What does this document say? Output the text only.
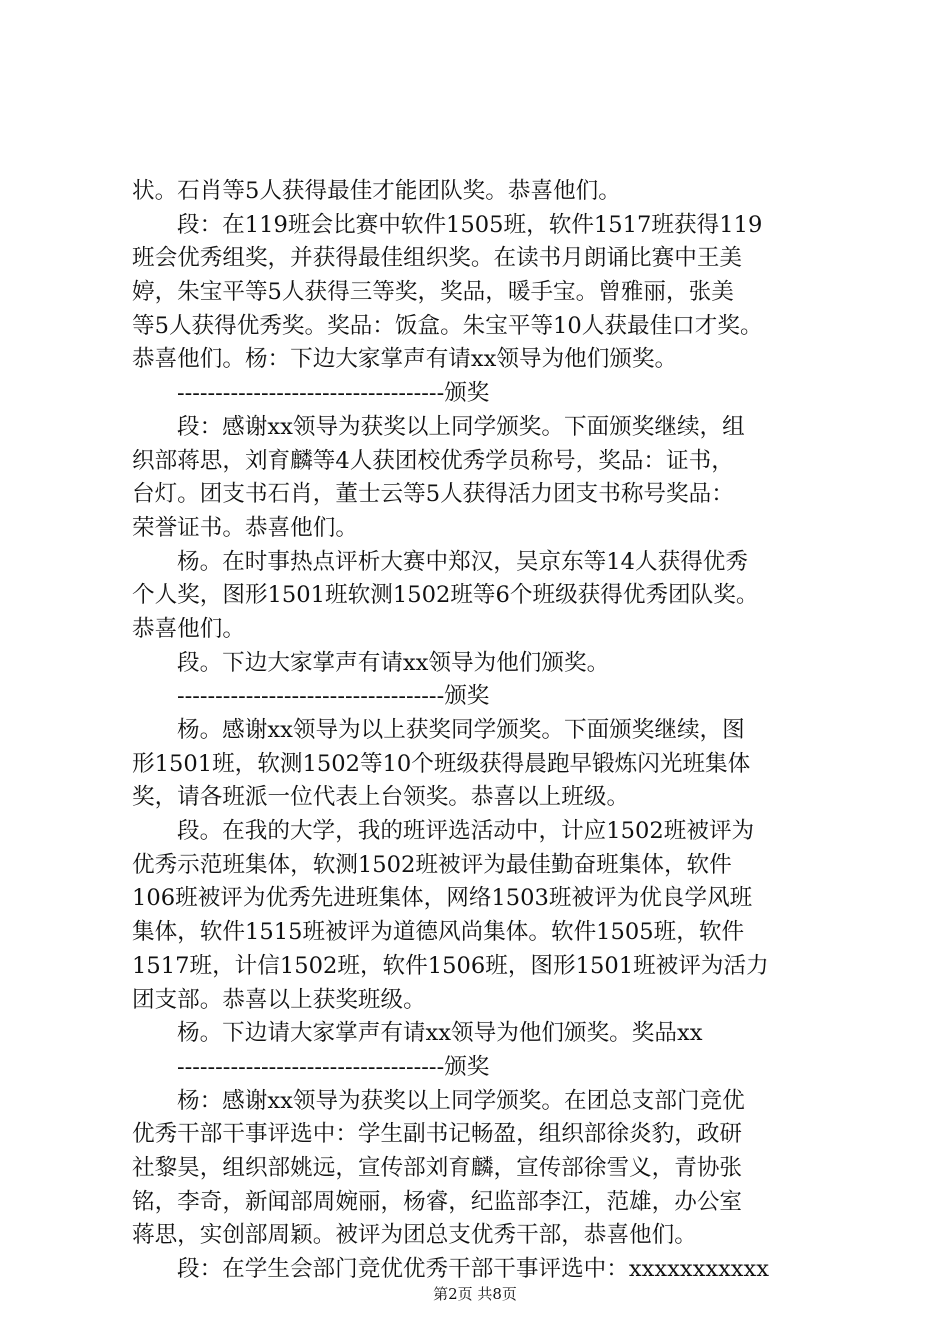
状。石肖等5人获得最佳才能团队奖。恭喜他们。
段：在119班会比赛中软件1505班，软件1517班获得119
班会优秀组奖，并获得最佳组织奖。在读书月朗诵比赛中王美
婷，朱宝平等5人获得三等奖，奖品，暖手宝。曾雅丽，张美
等5人获得优秀奖。奖品：饭盒。朱宝平等10人获最佳口才奖。
恭喜他们。杨：下边大家掌声有请xx领导为他们颁奖。
-----------------------------------颁奖
段：感谢xx领导为获奖以上同学颁奖。下面颁奖继续，组
织部蒋思，刘育麟等4人获团校优秀学员称号，奖品：证书，
台灯。团支书石肖，董士云等5人获得活力团支书称号奖品：
荣誉证书。恭喜他们。
杨。在时事热点评析大赛中郑汉，吴京东等14人获得优秀
个人奖，图形1501班软测1502班等6个班级获得优秀团队奖。
恭喜他们。
段。下边大家掌声有请xx领导为他们颁奖。
-----------------------------------颁奖
杨。感谢xx领导为以上获奖同学颁奖。下面颁奖继续，图
形1501班，软测1502等10个班级获得晨跑早锻炼闪光班集体
奖，请各班派一位代表上台领奖。恭喜以上班级。
段。在我的大学，我的班评选活动中，计应1502班被评为
优秀示范班集体，软测1502班被评为最佳勤奋班集体，软件
106班被评为优秀先进班集体，网络1503班被评为优良学风班
集体，软件1515班被评为道德风尚集体。软件1505班，软件
1517班，计信1502班，软件1506班，图形1501班被评为活力
团支部。恭喜以上获奖班级。
杨。下边请大家掌声有请xx领导为他们颁奖。奖品xx
-----------------------------------颁奖
杨：感谢xx领导为获奖以上同学颁奖。在团总支部门竞优
优秀干部干事评选中：学生副书记畅盈，组织部徐炎豹，政研
社黎昊，组织部姚远，宣传部刘育麟，宣传部徐雪义，青协张
铭，李奇，新闻部周婉丽，杨睿，纪监部李江，范雄，办公室
蒋思，实创部周颖。被评为团总支优秀干部，恭喜他们。
段：在学生会部门竞优优秀干部干事评选中：xxxxxxxxxxx
第2页 共8页
